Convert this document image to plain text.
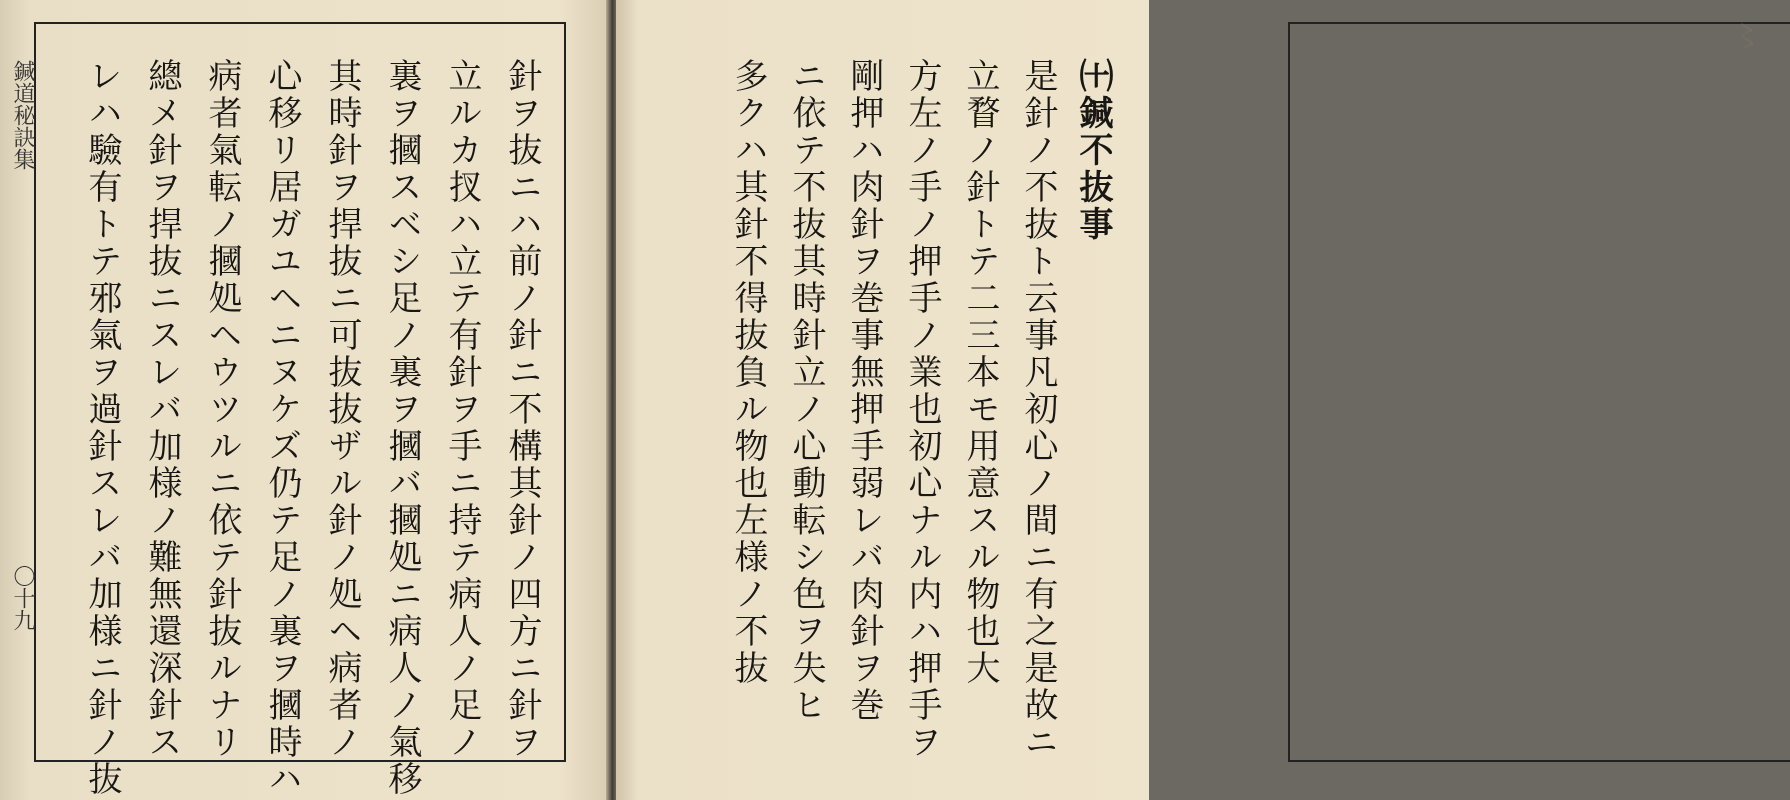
鍼道秘訣集
〇十九	針ヲ抜ニハ前ノ針ニ不構其針ノ四方ニ針ヲ
立ルカ扠ハ立テ有針ヲ手ニ持テ病人ノ足ノ
裏ヲ摑スベシ足ノ裏ヲ摑バ摑処ニ病人ノ氣移
其時針ヲ捍抜ニ可抜抜ザル針ノ処ヘ病者ノ
心移リ居ガユヘニヌケズ仍テ足ノ裏ヲ摑時ハ
病者氣転ノ摑処ヘウツルニ依テ針抜ルナリ
總メ針ヲ捍抜ニスレバ加様ノ難無還深針ス
レハ驗有トテ邪氣ヲ過針スレバ加様ニ針ノ抜	㈩鍼不抜事
是針ノ不抜ト云事凡初心ノ間ニ有之是故ニ
立瞀ノ針トテ二三本モ用意スル物也大
方左ノ手ノ押手ノ業也初心ナル内ハ押手ヲ
剛押ハ肉針ヲ巻事無押手弱レバ肉針ヲ巻
ニ依テ不抜其時針立ノ心動転シ色ヲ失ヒ
多クハ其針不得抜負ル物也左様ノ不抜
〻
